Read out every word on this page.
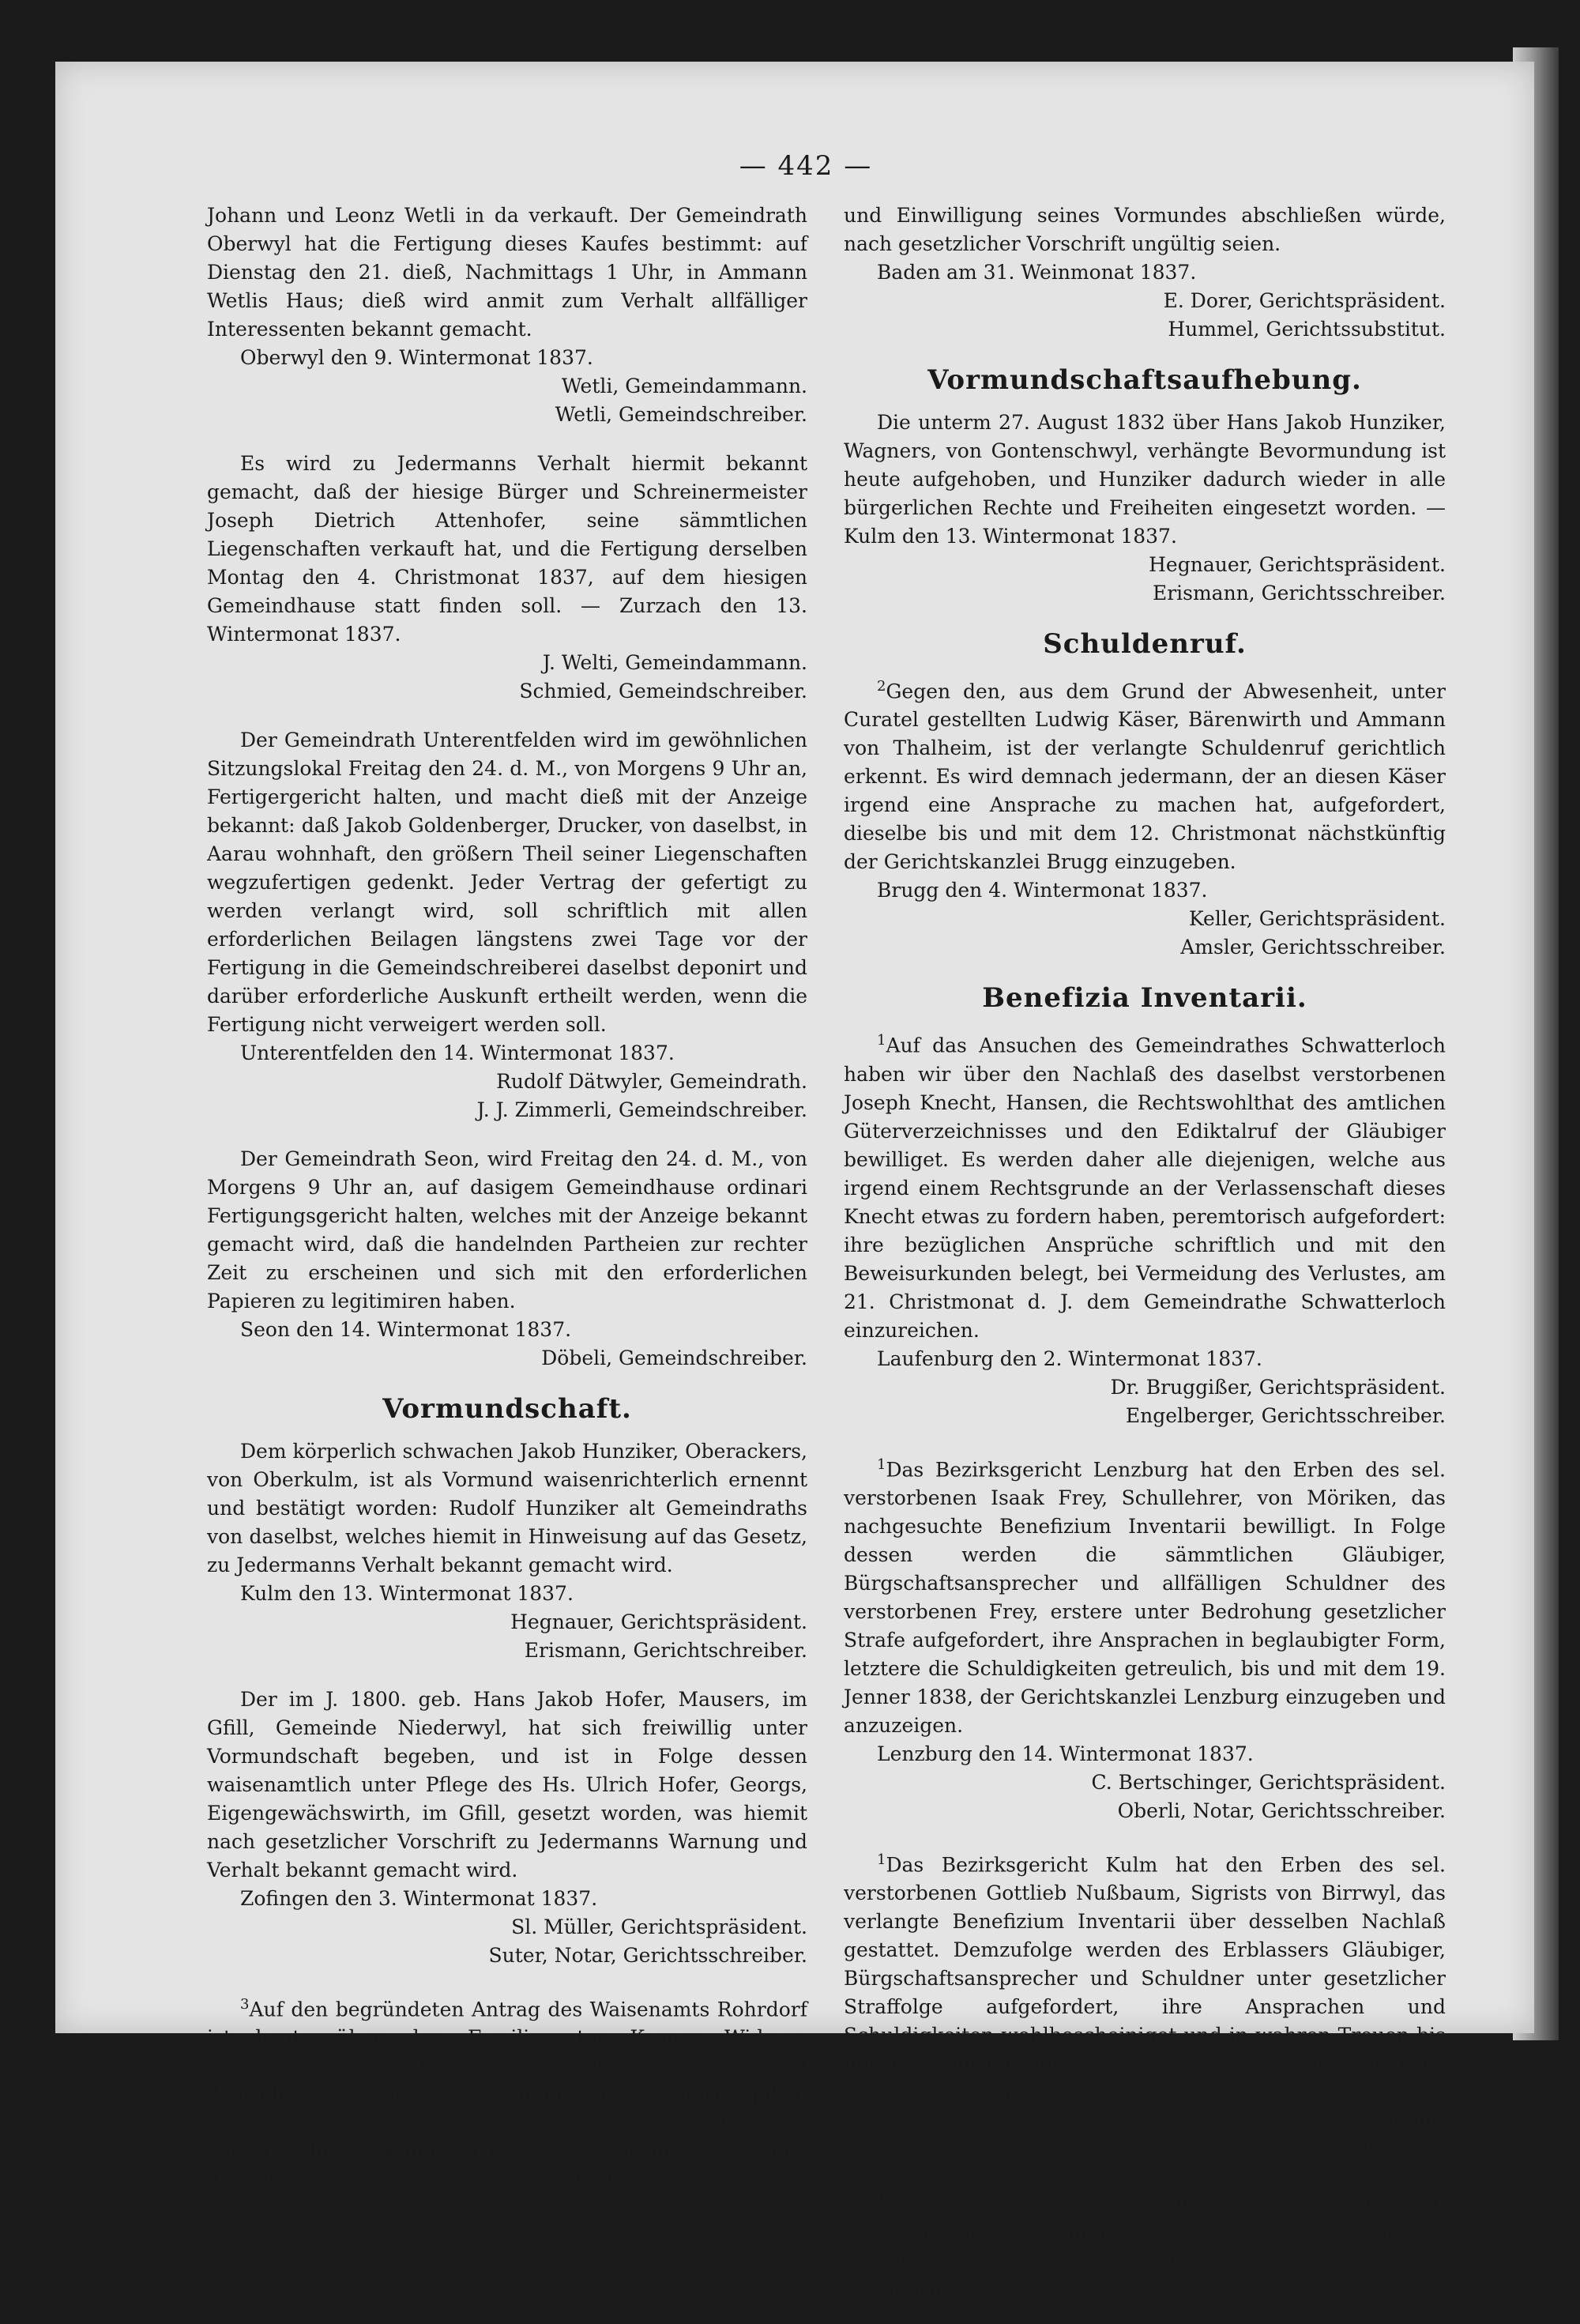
— 442 —

Johann und Leonz Wetli in da verkauft. Der Gemeindrath Oberwyl hat die Fertigung dieses Kaufes bestimmt: auf Dienstag den 21. dieß, Nachmittags 1 Uhr, in Ammann Wetlis Haus; dieß wird anmit zum Verhalt allfälliger Interessenten bekannt gemacht.

Oberwyl den 9. Wintermonat 1837.

Wetli, Gemeindammann.

Wetli, Gemeindschreiber.

Es wird zu Jedermanns Verhalt hiermit bekannt gemacht, daß der hiesige Bürger und Schreinermeister Joseph Dietrich Attenhofer, seine sämmtlichen Liegenschaften verkauft hat, und die Fertigung derselben Montag den 4. Christmonat 1837, auf dem hiesigen Gemeindhause statt finden soll. — Zurzach den 13. Wintermonat 1837.

J. Welti, Gemeindammann.

Schmied, Gemeindschreiber.

Der Gemeindrath Unterentfelden wird im gewöhnlichen Sitzungslokal Freitag den 24. d. M., von Morgens 9 Uhr an, Fertigergericht halten, und macht dieß mit der Anzeige bekannt: daß Jakob Goldenberger, Drucker, von daselbst, in Aarau wohnhaft, den größern Theil seiner Liegenschaften wegzufertigen gedenkt. Jeder Vertrag der gefertigt zu werden verlangt wird, soll schriftlich mit allen erforderlichen Beilagen längstens zwei Tage vor der Fertigung in die Gemeindschreiberei daselbst deponirt und darüber erforderliche Auskunft ertheilt werden, wenn die Fertigung nicht verweigert werden soll.

Unterentfelden den 14. Wintermonat 1837.

Rudolf Dätwyler, Gemeindrath.

J. J. Zimmerli, Gemeindschreiber.

Der Gemeindrath Seon, wird Freitag den 24. d. M., von Morgens 9 Uhr an, auf dasigem Gemeindhause ordinari Fertigungsgericht halten, welches mit der Anzeige bekannt gemacht wird, daß die handelnden Partheien zur rechter Zeit zu erscheinen und sich mit den erforderlichen Papieren zu legitimiren haben.

Seon den 14. Wintermonat 1837.

Döbeli, Gemeindschreiber.

Vormundschaft.

Dem körperlich schwachen Jakob Hunziker, Oberackers, von Oberkulm, ist als Vormund waisenrichterlich ernennt und bestätigt worden: Rudolf Hunziker alt Gemeindraths von daselbst, welches hiemit in Hinweisung auf das Gesetz, zu Jedermanns Verhalt bekannt gemacht wird.

Kulm den 13. Wintermonat 1837.

Hegnauer, Gerichtspräsident.

Erismann, Gerichtschreiber.

Der im J. 1800. geb. Hans Jakob Hofer, Mausers, im Gfill, Gemeinde Niederwyl, hat sich freiwillig unter Vormundschaft begeben, und ist in Folge dessen waisenamtlich unter Pflege des Hs. Ulrich Hofer, Georgs, Eigengewächswirth, im Gfill, gesetzt worden, was hiemit nach gesetzlicher Vorschrift zu Jedermanns Warnung und Verhalt bekannt gemacht wird.

Zofingen den 3. Wintermonat 1837.

Sl. Müller, Gerichtspräsident.

Suter, Notar, Gerichtsschreiber.

$^3$Auf den begründeten Antrag des Waisenamts Rohrdorf ist heute über den Familienvater Kaspar Widmer, Schreiner, von daselbst, die Vormundschaft verhängt und demselben als Vormund geordnet worden: Sigrist Jakob Widmer von gedachtem Rohrdorf. Indem man dieß hiemit zur öffentlichen Kunde bringt, wird Jedermann erinnert, daß alle Verträge, welche Schreiner Widmer ohne Wissen

und Einwilligung seines Vormundes abschließen würde, nach gesetzlicher Vorschrift ungültig seien.

Baden am 31. Weinmonat 1837.

E. Dorer, Gerichtspräsident.

Hummel, Gerichtssubstitut.

Vormundschaftsaufhebung.

Die unterm 27. August 1832 über Hans Jakob Hunziker, Wagners, von Gontenschwyl, verhängte Bevormundung ist heute aufgehoben, und Hunziker dadurch wieder in alle bürgerlichen Rechte und Freiheiten eingesetzt worden. — Kulm den 13. Wintermonat 1837.

Hegnauer, Gerichtspräsident.

Erismann, Gerichtsschreiber.

Schuldenruf.

$^2$Gegen den, aus dem Grund der Abwesenheit, unter Curatel gestellten Ludwig Käser, Bärenwirth und Ammann von Thalheim, ist der verlangte Schuldenruf gerichtlich erkennt. Es wird demnach jedermann, der an diesen Käser irgend eine Ansprache zu machen hat, aufgefordert, dieselbe bis und mit dem 12. Christmonat nächstkünftig der Gerichtskanzlei Brugg einzugeben.

Brugg den 4. Wintermonat 1837.

Keller, Gerichtspräsident.

Amsler, Gerichtsschreiber.

Benefizia Inventarii.

$^1$Auf das Ansuchen des Gemeindrathes Schwatterloch haben wir über den Nachlaß des daselbst verstorbenen Joseph Knecht, Hansen, die Rechtswohlthat des amtlichen Güterverzeichnisses und den Ediktalruf der Gläubiger bewilliget. Es werden daher alle diejenigen, welche aus irgend einem Rechtsgrunde an der Verlassenschaft dieses Knecht etwas zu fordern haben, peremtorisch aufgefordert: ihre bezüglichen Ansprüche schriftlich und mit den Beweisurkunden belegt, bei Vermeidung des Verlustes, am 21. Christmonat d. J. dem Gemeindrathe Schwatterloch einzureichen.

Laufenburg den 2. Wintermonat 1837.

Dr. Bruggißer, Gerichtspräsident.

Engelberger, Gerichtsschreiber.

$^1$Das Bezirksgericht Lenzburg hat den Erben des sel. verstorbenen Isaak Frey, Schullehrer, von Möriken, das nachgesuchte Benefizium Inventarii bewilligt. In Folge dessen werden die sämmtlichen Gläubiger, Bürgschaftsansprecher und allfälligen Schuldner des verstorbenen Frey, erstere unter Bedrohung gesetzlicher Strafe aufgefordert, ihre Ansprachen in beglaubigter Form, letztere die Schuldigkeiten getreulich, bis und mit dem 19. Jenner 1838, der Gerichtskanzlei Lenzburg einzugeben und anzuzeigen.

Lenzburg den 14. Wintermonat 1837.

C. Bertschinger, Gerichtspräsident.

Oberli, Notar, Gerichtsschreiber.

$^1$Das Bezirksgericht Kulm hat den Erben des sel. verstorbenen Gottlieb Nußbaum, Sigrists von Birrwyl, das verlangte Benefizium Inventarii über desselben Nachlaß gestattet. Demzufolge werden des Erblassers Gläubiger, Bürgschaftsansprecher und Schuldner unter gesetzlicher Straffolge aufgefordert, ihre Ansprachen und Schuldigkeiten wohlbescheiniget und in wahren Treuen bis und mit Samstag den 20. Jenner 1838 der Gerichtskanzlei Kulm abzugeben. — Kulm den 13. Wintermonat 1837.

Hegnauer, Gerichtspräsident.

Erismann, Gerichtsschreiber.

$^1$Das Bezirksgericht Kulm hat den Erben des sel. verstorbenen Melchior Hediger, Bäschelheichels, Zimmermann von Reinach, das verlangte Benefizium Inventarii
